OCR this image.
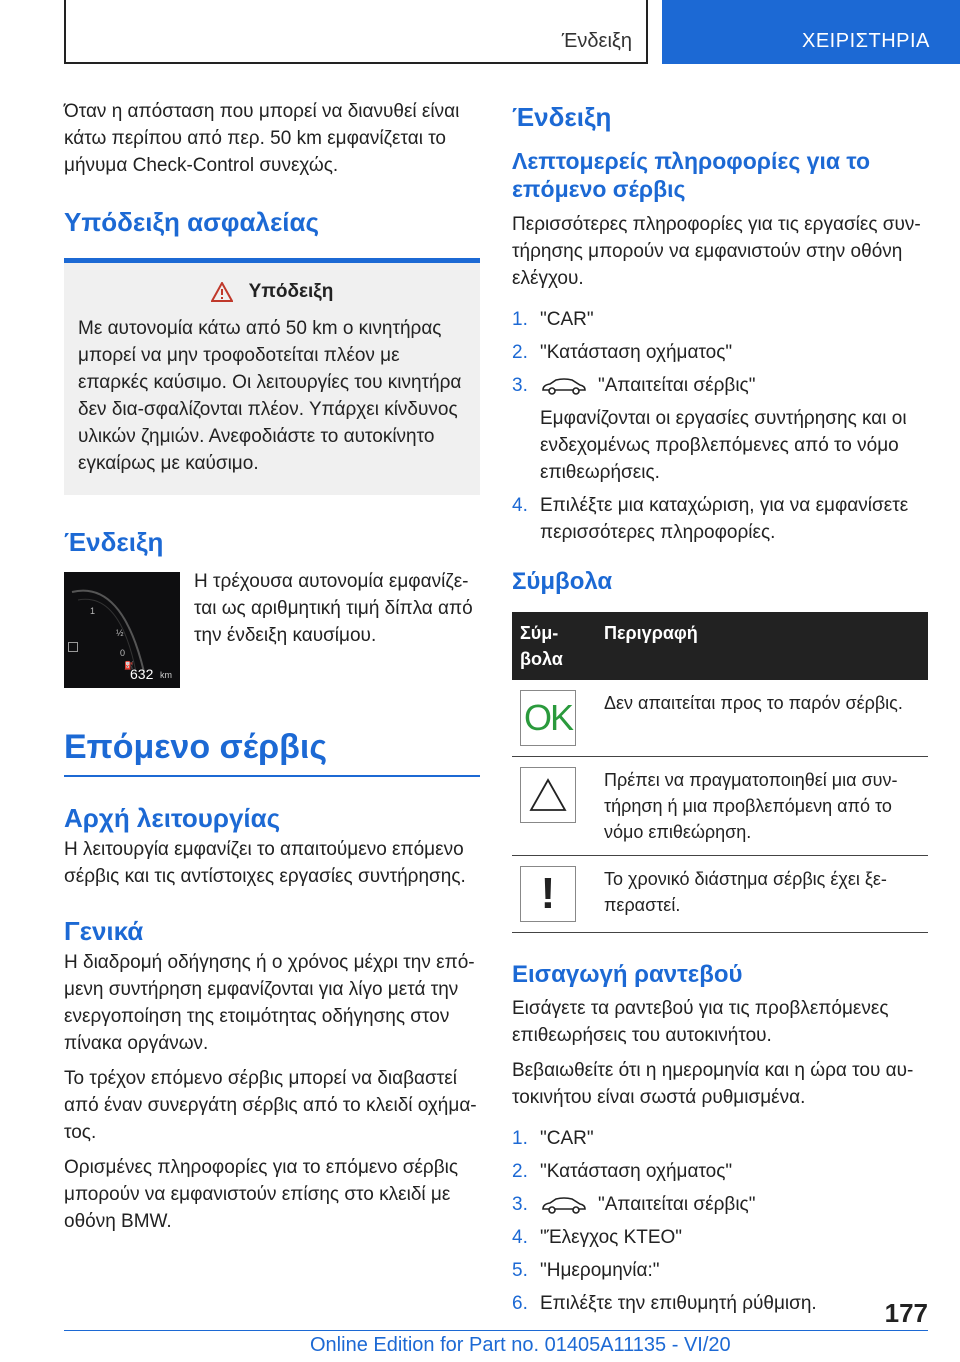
Ένδειξη	ΧΕΙΡΙΣΤΗΡΙΑ

Όταν η απόσταση που μπορεί να διανυθεί είναι κάτω περίπου από περ. 50 km εμφανίζεται το μήνυμα Check-Control συνεχώς.

Υπόδειξη ασφαλείας
Υπόδειξη

Με αυτονομία κάτω από 50 km ο κινητήρας μπορεί να μην τροφοδοτείται πλέον με επαρκές καύσιμο. Οι λειτουργίες του κινητήρα δεν δια-σφαλίζονται πλέον. Υπάρχει κίνδυνος υλικών ζημιών. Ανεφοδιάστε το αυτοκίνητο εγκαίρως με καύσιμο.

Ένδειξη
⛽
1
½
0
632 km

Η τρέχουσα αυτονομία εμφανίζε-ται ως αριθμητική τιμή δίπλα από την ένδειξη καυσίμου.

Επόμενο σέρβις
Αρχή λειτουργίας

Η λειτουργία εμφανίζει το απαιτούμενο επόμενο σέρβις και τις αντίστοιχες εργασίες συντήρησης.

Γενικά

Η διαδρομή οδήγησης ή ο χρόνος μέχρι την επό-μενη συντήρηση εμφανίζονται για λίγο μετά την ενεργοποίηση της ετοιμότητας οδήγησης στον πίνακα οργάνων.

Το τρέχον επόμενο σέρβις μπορεί να διαβαστεί από έναν συνεργάτη σέρβις από το κλειδί οχήμα-τος.

Ορισμένες πληροφορίες για το επόμενο σέρβις μπορούν να εμφανιστούν επίσης στο κλειδί με οθόνη BMW.

Ένδειξη
Λεπτομερείς πληροφορίες για το επόμενο σέρβις

Περισσότερες πληροφορίες για τις εργασίες συν-τήρησης μπορούν να εμφανιστούν στην οθόνη ελέγχου.

1. "CAR"
2. "Κατάσταση οχήματος"
3.	"Απαιτείται σέρβις"
Εμφανίζονται οι εργασίες συντήρησης και οι ενδεχομένως προβλεπόμενες από το νόμο επιθεωρήσεις.
4. Επιλέξτε μια καταχώριση, για να εμφανίσετε περισσότερες πληροφορίες.
Σύμβολα
Σύμ-βολα	Περιγραφή

OK	Δεν απαιτείται προς το παρόν σέρβις.

	Πρέπει να πραγματοποιηθεί μια συν-τήρηση ή μια προβλεπόμενη από το νόμο επιθεώρηση.

!	Το χρονικό διάστημα σέρβις έχει ξε-περαστεί.
Εισαγωγή ραντεβού

Εισάγετε τα ραντεβού για τις προβλεπόμενες επιθεωρήσεις του αυτοκινήτου.

Βεβαιωθείτε ότι η ημερομηνία και η ώρα του αυ-τοκινήτου είναι σωστά ρυθμισμένα.

1. "CAR"
2. "Κατάσταση οχήματος"
3.	"Απαιτείται σέρβις"
4. "Έλεγχος ΚΤΕΟ"
5. "Ημερομηνία:"
6. Επιλέξτε την επιθυμητή ρύθμιση.	177
Online Edition for Part no. 01405A11135 - VI/20
